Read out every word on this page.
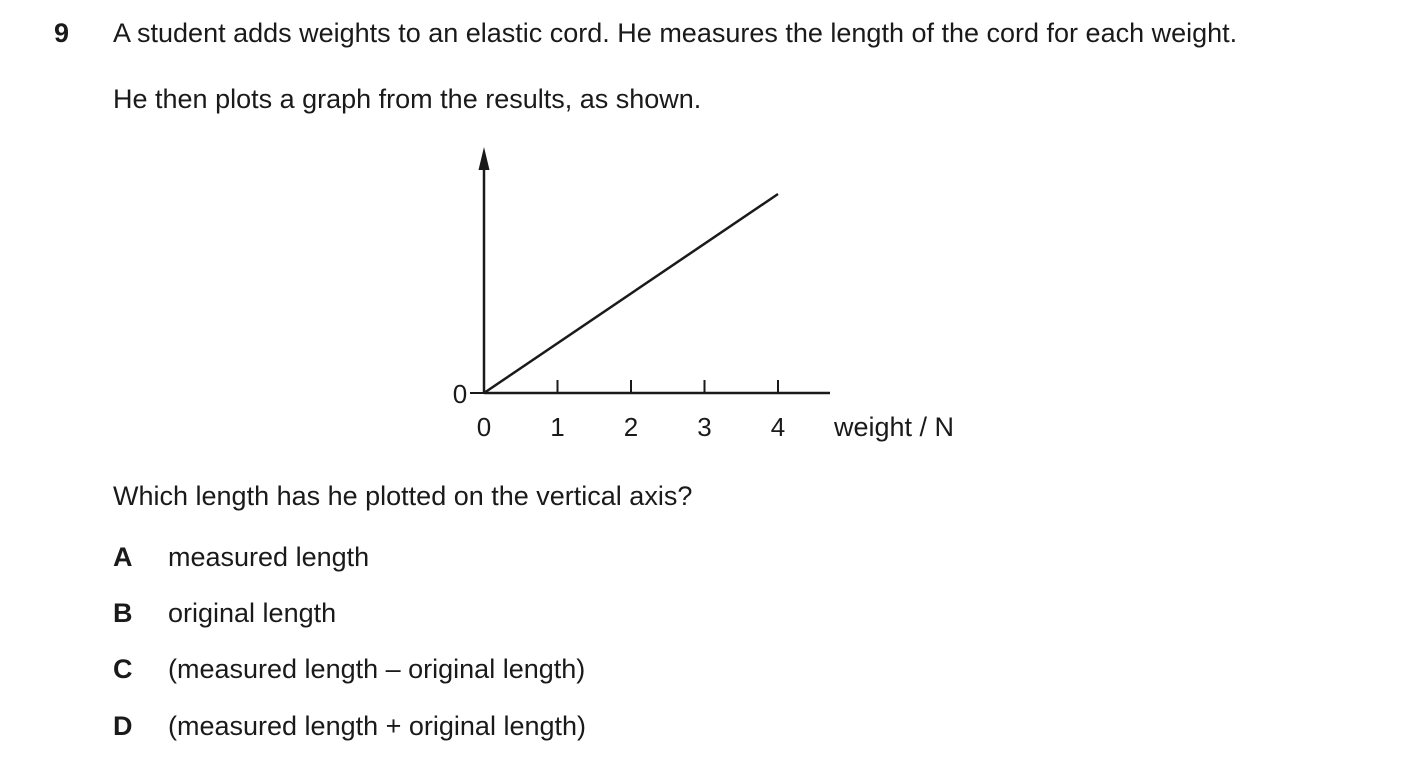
9 A student adds weights to an elastic cord. He measures the length of the cord for each weight.
He then plots a graph from the results, as shown.
0
0 1 2 3 4 weight / N
Which length has he plotted on the vertical axis?
A measured length
B original length
C (measured length – original length)
D (measured length + original length)
